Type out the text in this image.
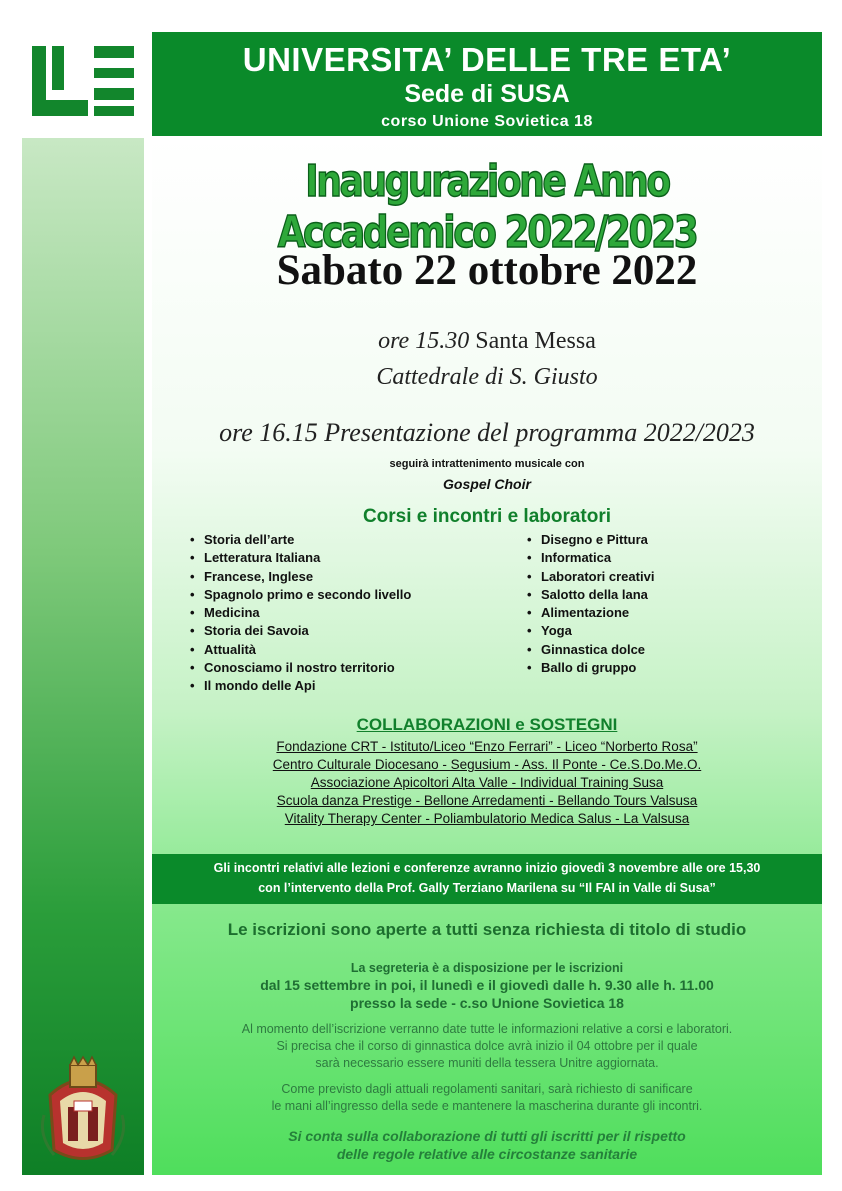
UNIVERSITA’ DELLE TRE ETA’
Sede di SUSA
corso Unione Sovietica 18
Inaugurazione Anno Accademico 2022/2023
Sabato 22 ottobre 2022
ore 15.30 Santa Messa
Cattedrale di S. Giusto
ore 16.15 Presentazione del programma 2022/2023
seguirà intrattenimento musicale con
Gospel Choir
Corsi e incontri e laboratori
• Storia dell’arte
• Letteratura Italiana
• Francese, Inglese
• Spagnolo primo e secondo livello
• Medicina
• Storia dei Savoia
• Attualità
• Conosciamo il nostro territorio
• Il mondo delle Api
• Disegno e Pittura
• Informatica
• Laboratori creativi
• Salotto della lana
• Alimentazione
• Yoga
• Ginnastica dolce
• Ballo di gruppo
COLLABORAZIONI e SOSTEGNI
Fondazione CRT - Istituto/Liceo “Enzo Ferrari” - Liceo “Norberto Rosa”
Centro Culturale Diocesano - Segusium - Ass. Il Ponte - Ce.S.Do.Me.O.
Associazione Apicoltori Alta Valle - Individual Training Susa
Scuola danza Prestige - Bellone Arredamenti - Bellando Tours Valsusa
Vitality Therapy Center - Poliambulatorio Medica Salus - La Valsusa
Gli incontri relativi alle lezioni e conferenze avranno inizio giovedì 3 novembre alle ore 15,30
con l’intervento della Prof. Gally Terziano Marilena su “Il FAI in Valle di Susa”
Le iscrizioni sono aperte a tutti senza richiesta di titolo di studio
La segreteria è a disposizione per le iscrizioni
dal 15 settembre in poi, il lunedì e il giovedì dalle h. 9.30 alle h. 11.00
presso la sede - c.so Unione Sovietica 18
Al momento dell’iscrizione verranno date tutte le informazioni relative a corsi e laboratori.
Si precisa che il corso di ginnastica dolce avrà inizio il 04 ottobre per il quale
sarà necessario essere muniti della tessera Unitre aggiornata.
Come previsto dagli attuali regolamenti sanitari, sarà richiesto di sanificare
le mani all’ingresso della sede e mantenere la mascherina durante gli incontri.
Si conta sulla collaborazione di tutti gli iscritti per il rispetto
delle regole relative alle circostanze sanitarie
